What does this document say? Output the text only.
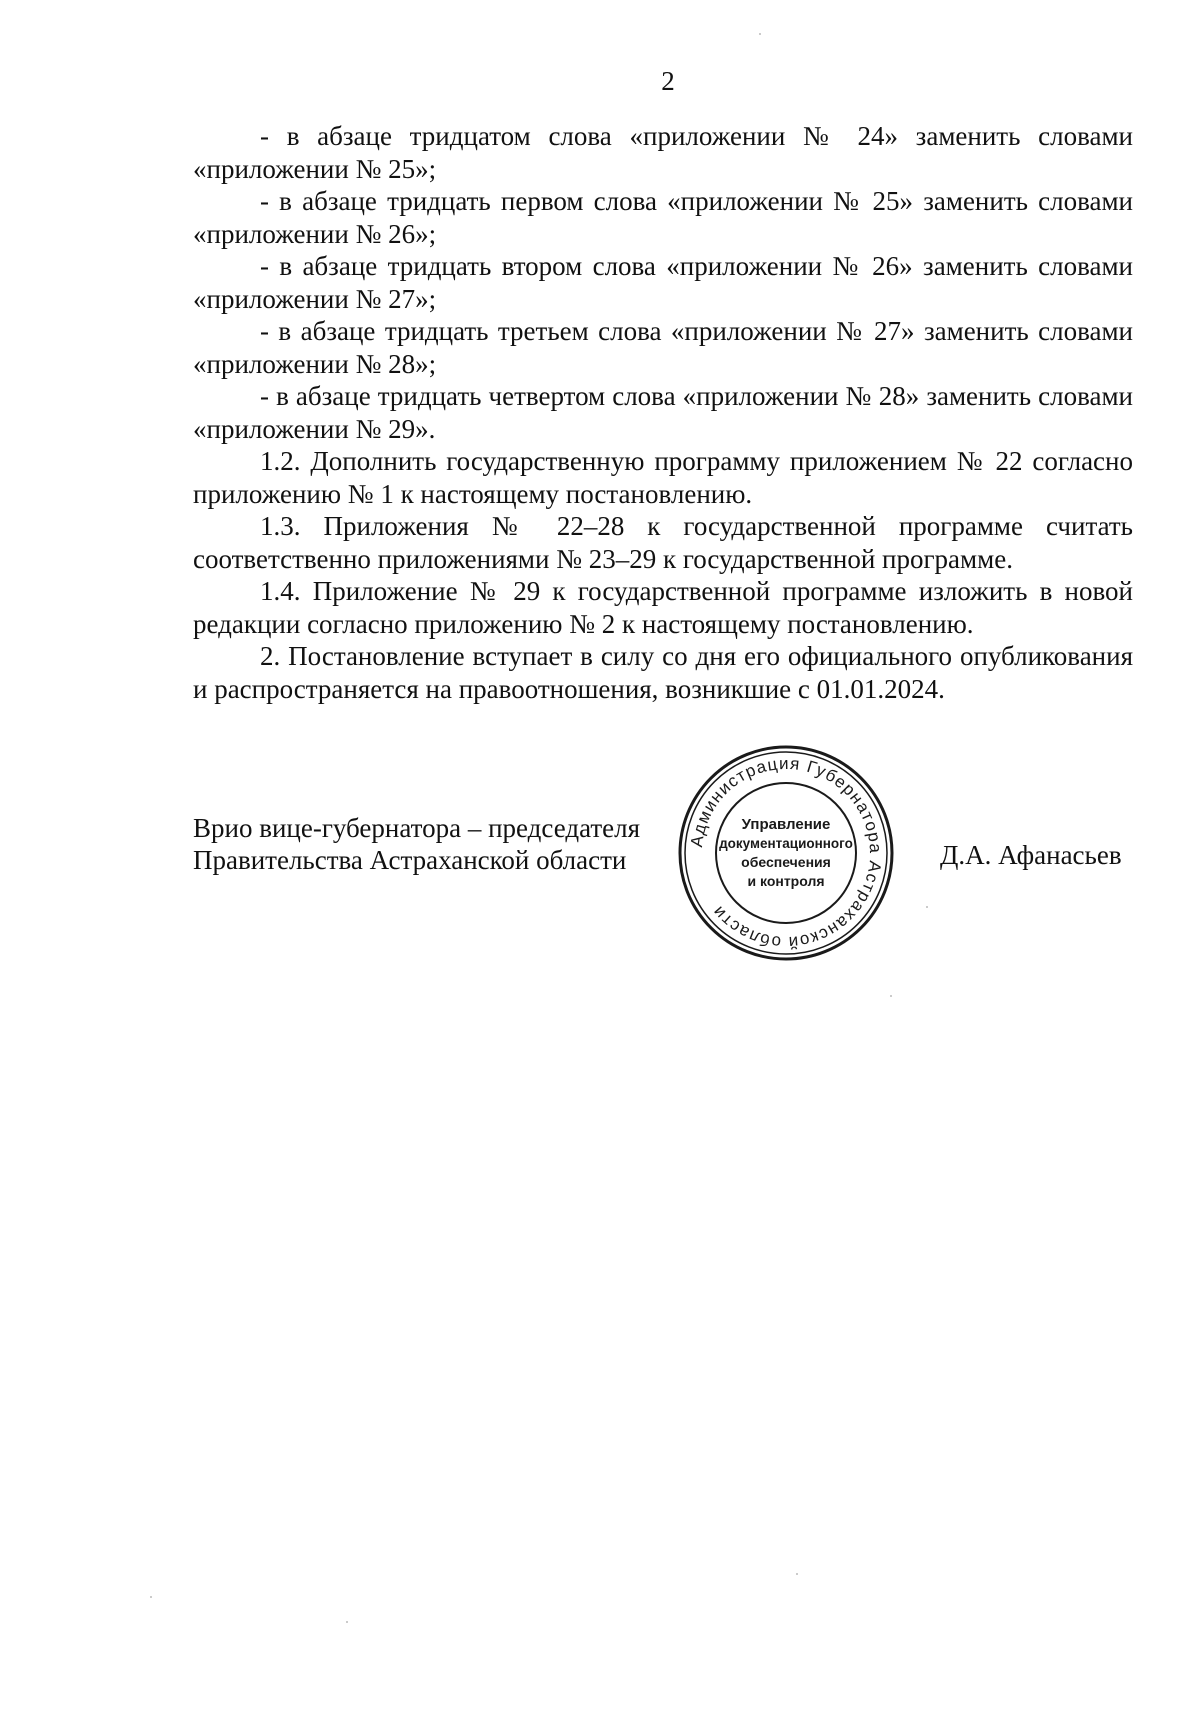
2

- в абзаце тридцатом слова «приложении № 24» заменить словами «приложении № 25»;

- в абзаце тридцать первом слова «приложении № 25» заменить словами «приложении № 26»;

- в абзаце тридцать втором слова «приложении № 26» заменить словами «приложении № 27»;

- в абзаце тридцать третьем слова «приложении № 27» заменить словами «приложении № 28»;

- в абзаце тридцать четвертом слова «приложении № 28» заменить словами «приложении № 29».

1.2. Дополнить государственную программу приложением № 22 согласно приложению № 1 к настоящему постановлению.

1.3. Приложения № 22–28 к государственной программе считать соответственно приложениями № 23–29 к государственной программе.

1.4. Приложение № 29 к государственной программе изложить в новой редакции согласно приложению № 2 к настоящему постановлению.

2. Постановление вступает в силу со дня его официального опубликования и распространяется на правоотношения, возникшие с 01.01.2024.

Врио вице-губернатора – председателя
Правительства Астраханской области
Администрация Губернатора Астраханской области
Управление
документационного
обеспечения
и контроля
Д.А. Афанасьев
